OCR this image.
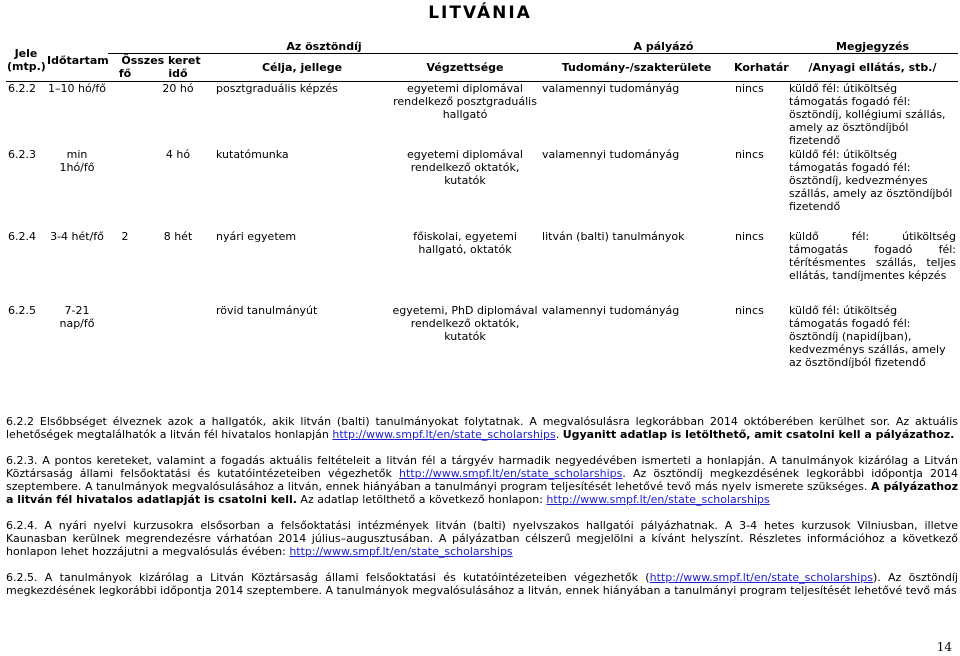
LITVÁNIA
Jele (mtp.)	Időtartam	Az ösztöndíj				A pályázó		Megjegyzés
		Összes keret		Célja, jellege	Végzettsége	Tudomány-/szakterülete	Korhatár	/Anyagi ellátás, stb./
		fő	idő					
6.2.2	1–10 hó/fő		20 hó	posztgraduális képzés	egyetemi diplomával rendelkező posztgraduális hallgató	valamennyi tudományág	nincs	küldő fél: útiköltség támogatás fogadó fél: ösztöndíj, kollégiumi szállás, amely az ösztöndíjból fizetendő
6.2.3	min 1hó/fő		4 hó	kutatómunka	egyetemi diplomával rendelkező oktatók, kutatók	valamennyi tudományág	nincs	küldő fél: útiköltség támogatás fogadó fél: ösztöndíj, kedvezményes szállás, amely az ösztöndíjból fizetendő
6.2.4	3-4 hét/fő	2	8 hét	nyári egyetem	főiskolai, egyetemi hallgató, oktatók	litván (balti) tanulmányok	nincs	küldő fél: útiköltség támogatás fogadó fél: térítésmentes szállás, teljes ellátás, tandíjmentes képzés
6.2.5	7-21 nap/fő			rövid tanulmányút	egyetemi, PhD diplomával rendelkező oktatók, kutatók	valamennyi tudományág	nincs	küldő fél: útiköltség támogatás fogadó fél: ösztöndíj (napidíjban), kedvezménys szállás, amely az ösztöndíjból fizetendő

6.2.2 Elsőbbséget élveznek azok a hallgatók, akik litván (balti) tanulmányokat folytatnak. A megvalósulásra legkorábban 2014 októberében kerülhet sor. Az aktuális lehetőségek megtalálhatók a litván fél hivatalos honlapján http://www.smpf.lt/en/state_scholarships. Ugyanitt adatlap is letölthető, amit csatolni kell a pályázathoz.

6.2.3. A pontos kereteket, valamint a fogadás aktuális feltételeit a litván fél a tárgyév harmadik negyedévében ismerteti a honlapján. A tanulmányok kizárólag a Litván Köztársaság állami felsőoktatási és kutatóintézeteiben végezhetők http://www.smpf.lt/en/state_scholarships. Az ösztöndíj megkezdésének legkorábbi időpontja 2014 szeptembere. A tanulmányok megvalósulásához a litván, ennek hiányában a tanulmányi program teljesítését lehetővé tevő más nyelv ismerete szükséges. A pályázathoz a litván fél hivatalos adatlapját is csatolni kell. Az adatlap letölthető a következő honlapon: http://www.smpf.lt/en/state_scholarships

6.2.4. A nyári nyelvi kurzusokra elsősorban a felsőoktatási intézmények litván (balti) nyelvszakos hallgatói pályázhatnak. A 3-4 hetes kurzusok Vilniusban, illetve Kaunasban kerülnek megrendezésre várhatóan 2014 július–augusztusában. A pályázatban célszerű megjelölni a kívánt helyszínt. Részletes információhoz a következő honlapon lehet hozzájutni a megvalósulás évében: http://www.smpf.lt/en/state_scholarships

6.2.5. A tanulmányok kizárólag a Litván Köztársaság állami felsőoktatási és kutatóintézeteiben végezhetők (http://www.smpf.lt/en/state_scholarships). Az ösztöndíj megkezdésének legkorábbi időpontja 2014 szeptembere. A tanulmányok megvalósulásához a litván, ennek hiányában a tanulmányi program teljesítését lehetővé tevő más

14
